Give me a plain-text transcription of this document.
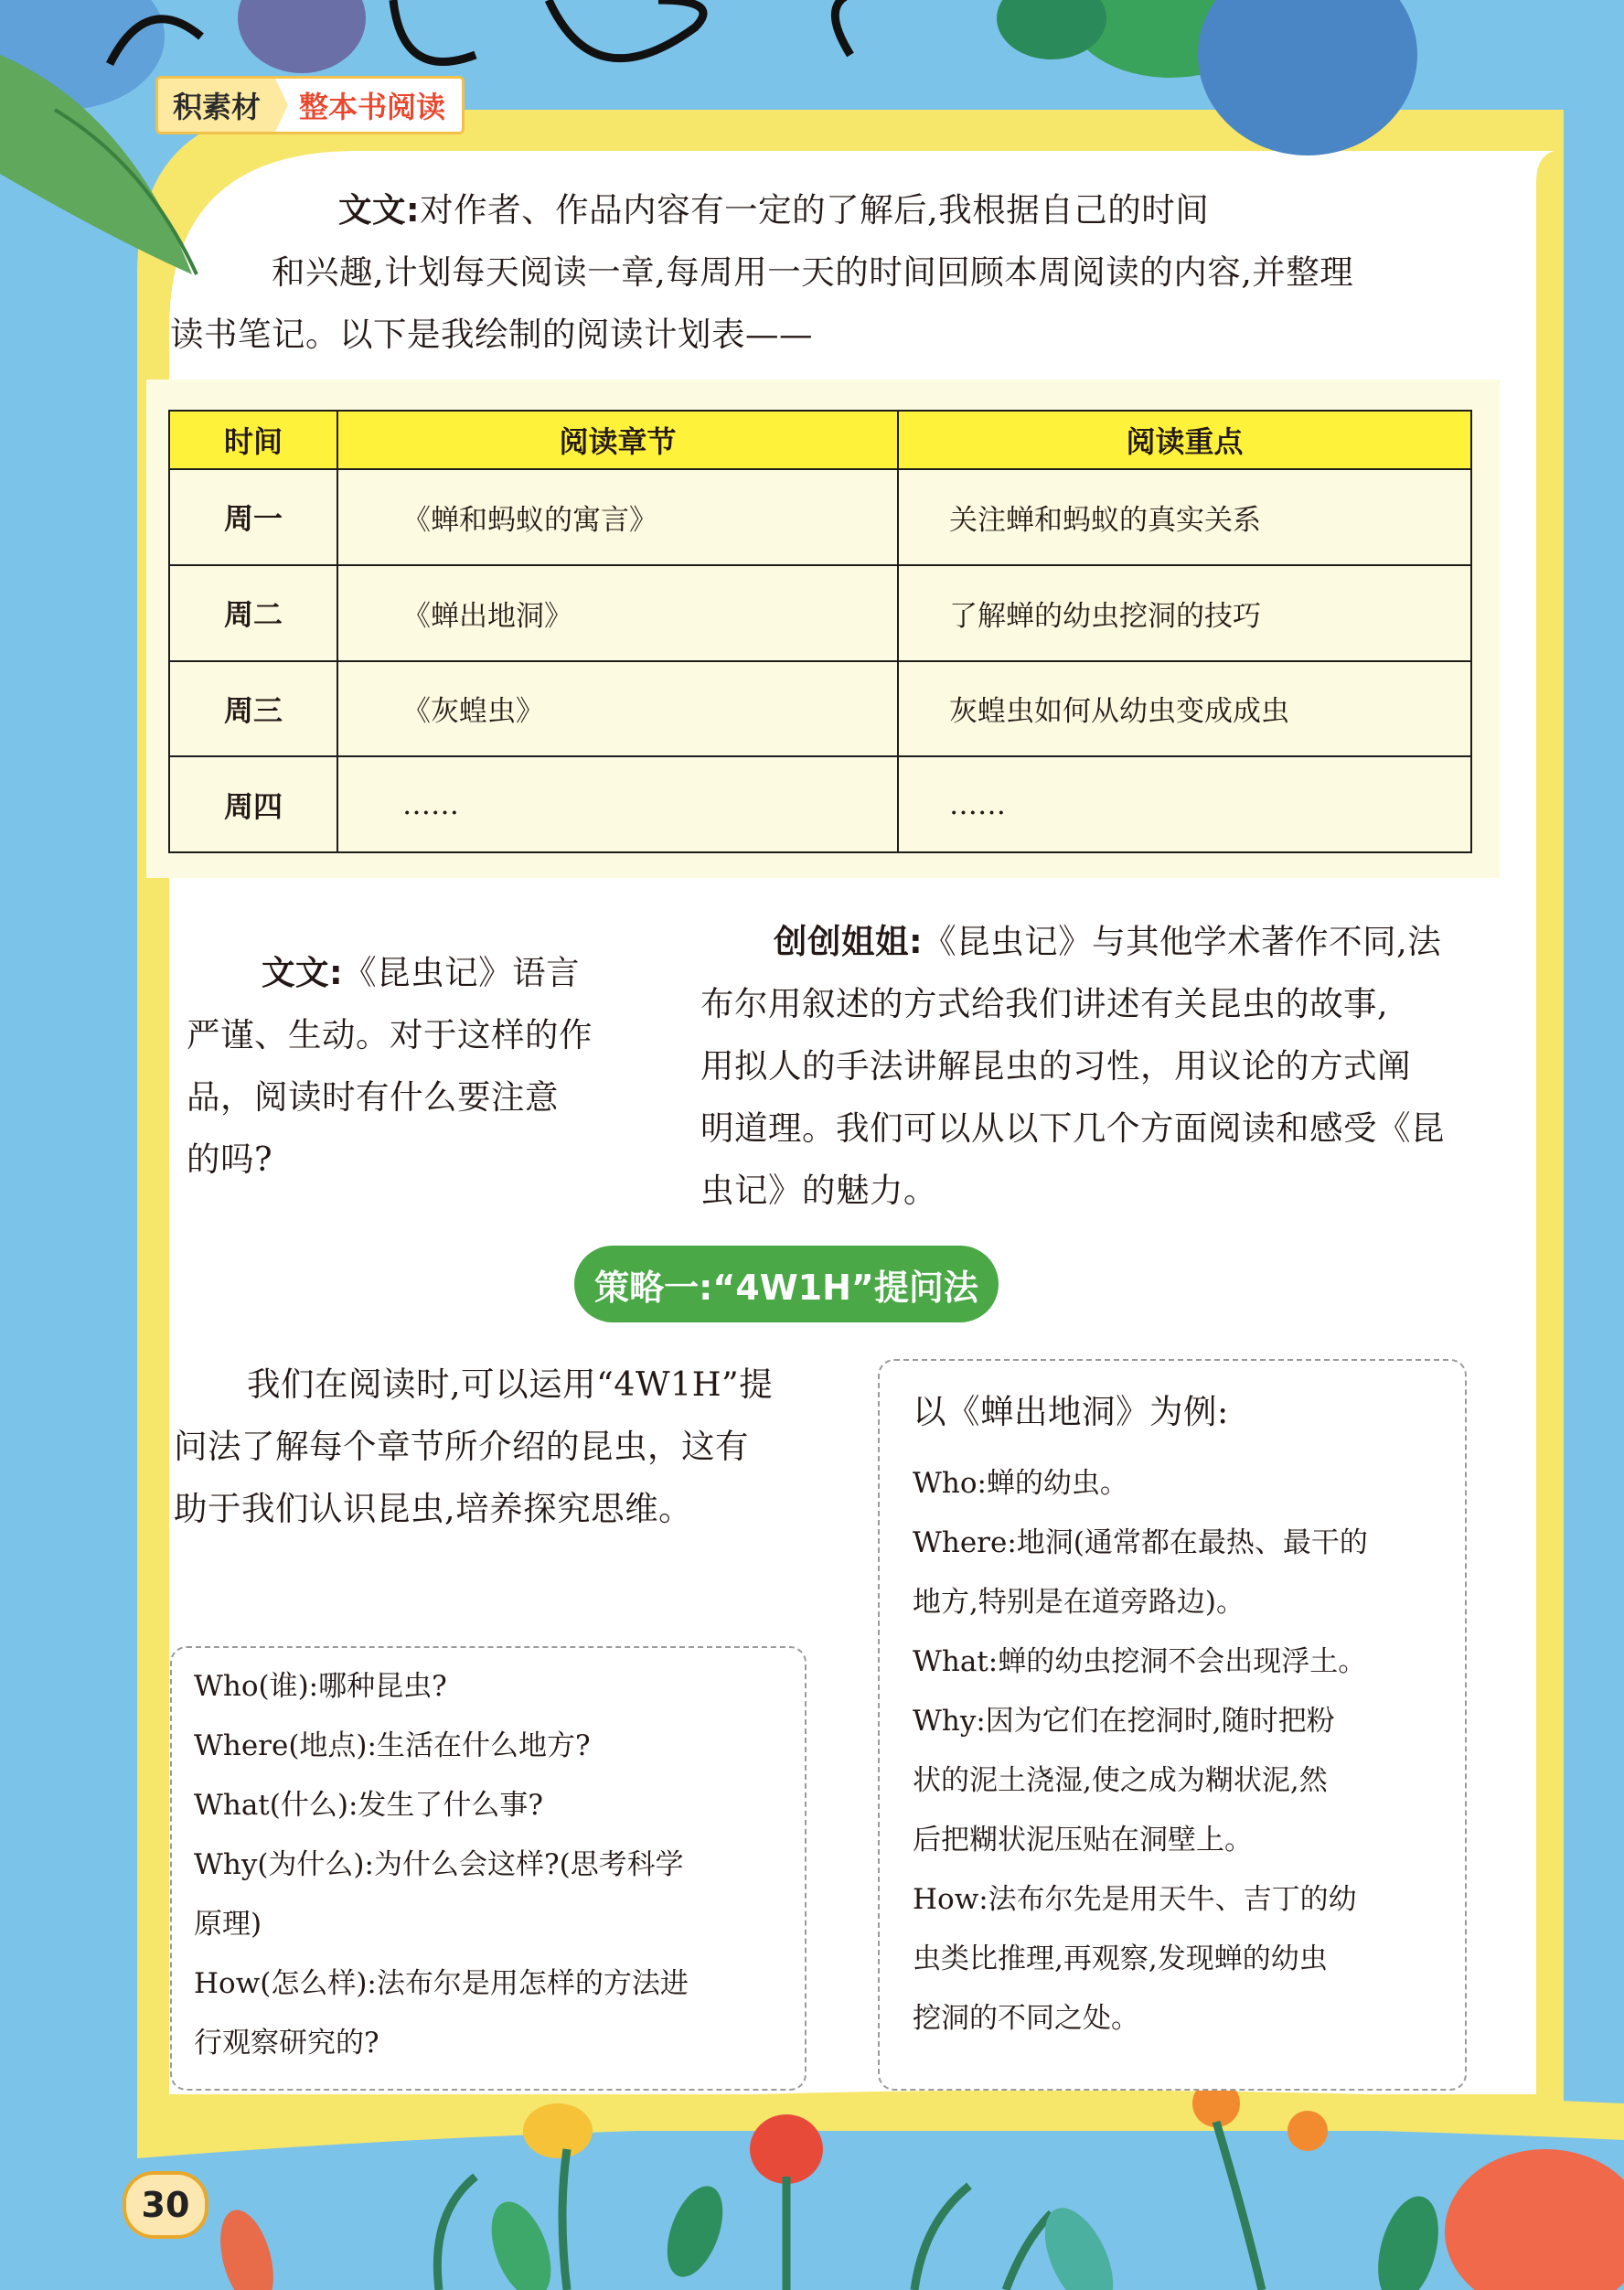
积素材	整本书阅读
文文:对作者、作品内容有一定的了解后,我根据自己的时间
和兴趣,计划每天阅读一章,每周用一天的时间回顾本周阅读的内容,并整理
读书笔记。以下是我绘制的阅读计划表——
时间	阅读章节	阅读重点
周一	《蝉和蚂蚁的寓言》	关注蝉和蚂蚁的真实关系
周二	《蝉出地洞》	了解蝉的幼虫挖洞的技巧
周三	《灰蝗虫》	灰蝗虫如何从幼虫变成成虫
周四	……	……
文文:《昆虫记》语言
严谨、生动。对于这样的作
品，阅读时有什么要注意
的吗?
创创姐姐:《昆虫记》与其他学术著作不同,法
布尔用叙述的方式给我们讲述有关昆虫的故事,
用拟人的手法讲解昆虫的习性，用议论的方式阐
明道理。我们可以从以下几个方面阅读和感受《昆
虫记》的魅力。
策略一:“4W1H”提问法
我们在阅读时,可以运用“4W1H”提
问法了解每个章节所介绍的昆虫，这有
助于我们认识昆虫,培养探究思维。
Who(谁):哪种昆虫?
Where(地点):生活在什么地方?
What(什么):发生了什么事?
Why(为什么):为什么会这样?(思考科学
原理)
How(怎么样):法布尔是用怎样的方法进
行观察研究的?
以《蝉出地洞》为例:
Who:蝉的幼虫。
Where:地洞(通常都在最热、最干的
地方,特别是在道旁路边)。
What:蝉的幼虫挖洞不会出现浮土。
Why:因为它们在挖洞时,随时把粉
状的泥土浇湿,使之成为糊状泥,然
后把糊状泥压贴在洞壁上。
How:法布尔先是用天牛、吉丁的幼
虫类比推理,再观察,发现蝉的幼虫
挖洞的不同之处。
30
